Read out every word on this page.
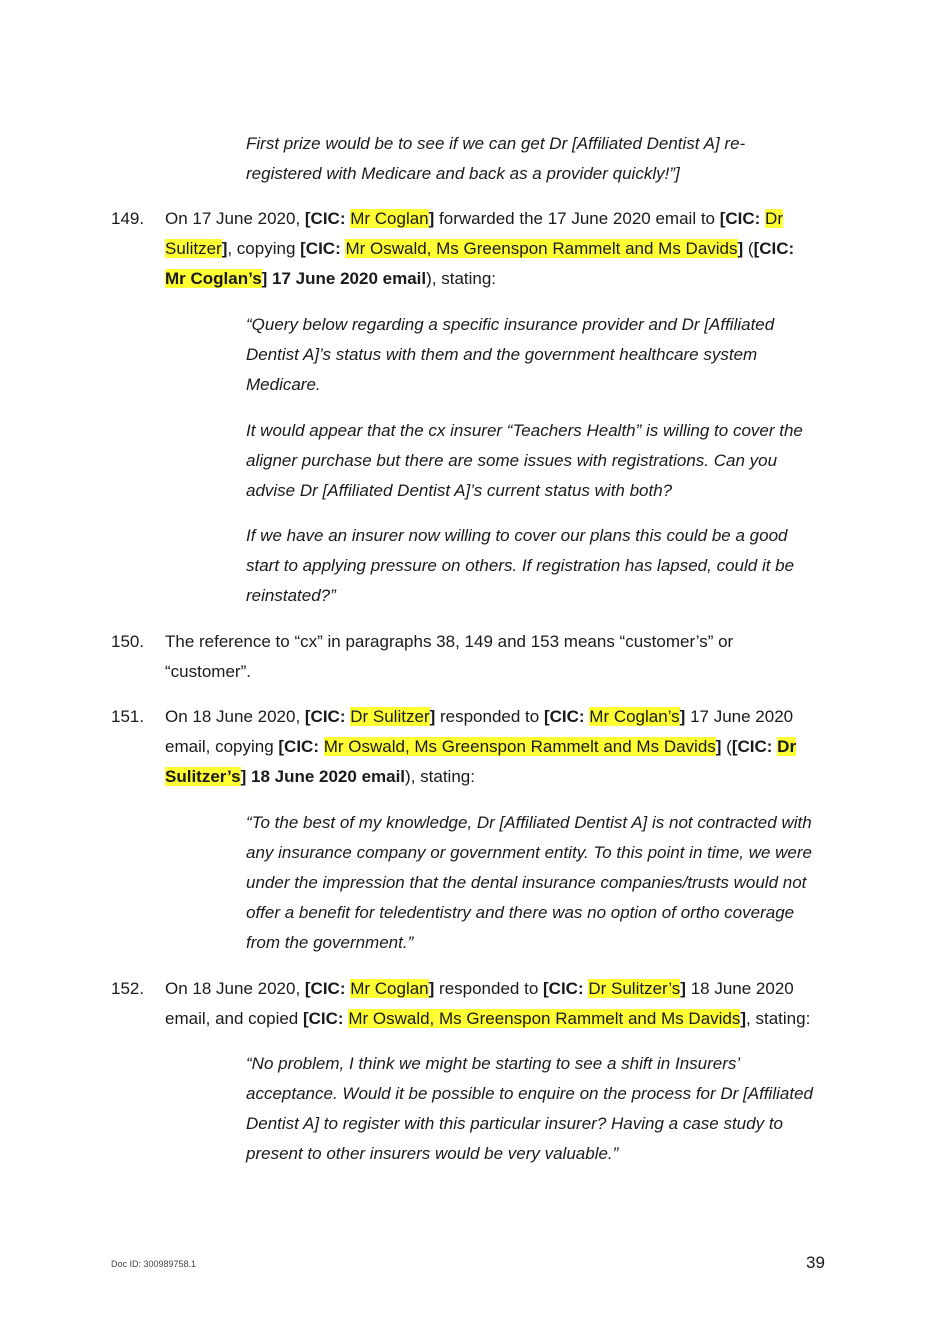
First prize would be to see if we can get Dr [Affiliated Dentist A] re-
registered with Medicare and back as a provider quickly!”]
149. On 17 June 2020, [CIC: Mr Coglan] forwarded the 17 June 2020 email to [CIC: Dr
Sulitzer], copying [CIC: Mr Oswald, Ms Greenspon Rammelt and Ms Davids] ([CIC:
Mr Coglan’s] 17 June 2020 email), stating:
“Query below regarding a specific insurance provider and Dr [Affiliated
Dentist A]’s status with them and the government healthcare system
Medicare.
It would appear that the cx insurer “Teachers Health” is willing to cover the
aligner purchase but there are some issues with registrations. Can you
advise Dr [Affiliated Dentist A]’s current status with both?
If we have an insurer now willing to cover our plans this could be a good
start to applying pressure on others. If registration has lapsed, could it be
reinstated?”
150. The reference to “cx” in paragraphs 38, 149 and 153 means “customer’s” or
“customer”.
151. On 18 June 2020, [CIC: Dr Sulitzer] responded to [CIC: Mr Coglan’s] 17 June 2020
email, copying [CIC: Mr Oswald, Ms Greenspon Rammelt and Ms Davids] ([CIC: Dr
Sulitzer’s] 18 June 2020 email), stating:
“To the best of my knowledge, Dr [Affiliated Dentist A] is not contracted with
any insurance company or government entity. To this point in time, we were
under the impression that the dental insurance companies/trusts would not
offer a benefit for teledentistry and there was no option of ortho coverage
from the government.”
152. On 18 June 2020, [CIC: Mr Coglan] responded to [CIC: Dr Sulitzer’s] 18 June 2020
email, and copied [CIC: Mr Oswald, Ms Greenspon Rammelt and Ms Davids], stating:
“No problem, I think we might be starting to see a shift in Insurers’
acceptance. Would it be possible to enquire on the process for Dr [Affiliated
Dentist A] to register with this particular insurer? Having a case study to
present to other insurers would be very valuable.”
Doc ID: 300989758.1	39
